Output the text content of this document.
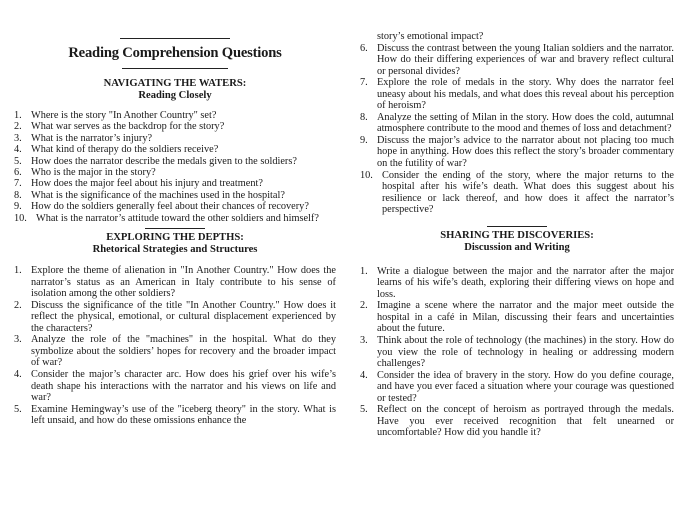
Reading Comprehension Questions
NAVIGATING THE WATERS:
Reading Closely
1. Where is the story "In Another Country" set?
2. What war serves as the backdrop for the story?
3. What is the narrator’s injury?
4. What kind of therapy do the soldiers receive?
5. How does the narrator describe the medals given to the soldiers?
6. Who is the major in the story?
7. How does the major feel about his injury and treatment?
8. What is the significance of the machines used in the hospital?
9. How do the soldiers generally feel about their chances of recovery?
10. What is the narrator’s attitude toward the other soldiers and himself?
EXPLORING THE DEPTHS:
Rhetorical Strategies and Structures
1. Explore the theme of alienation in "In Another Country." How does the narrator’s status as an American in Italy contribute to his sense of isolation among the other soldiers?
2. Discuss the significance of the title "In Another Country." How does it reflect the physical, emotional, or cultural displacement experienced by the characters?
3. Analyze the role of the "machines" in the hospital. What do they symbolize about the soldiers’ hopes for recovery and the broader impact of war?
4. Consider the major’s character arc. How does his grief over his wife’s death shape his interactions with the narrator and his views on life and war?
5. Examine Hemingway’s use of the "iceberg theory" in the story. What is left unsaid, and how do these omissions enhance the
story’s emotional impact?
6. Discuss the contrast between the young Italian soldiers and the narrator. How do their differing experiences of war and bravery reflect cultural or personal divides?
7. Explore the role of medals in the story. Why does the narrator feel uneasy about his medals, and what does this reveal about his perception of heroism?
8. Analyze the setting of Milan in the story. How does the cold, autumnal atmosphere contribute to the mood and themes of loss and detachment?
9. Discuss the major’s advice to the narrator about not placing too much hope in anything. How does this reflect the story’s broader commentary on the futility of war?
10. Consider the ending of the story, where the major returns to the hospital after his wife’s death. What does this suggest about his resilience or lack thereof, and how does it affect the narrator’s perspective?
SHARING THE DISCOVERIES:
Discussion and Writing
1. Write a dialogue between the major and the narrator after the major learns of his wife’s death, exploring their differing views on hope and loss.
2. Imagine a scene where the narrator and the major meet outside the hospital in a café in Milan, discussing their fears and uncertainties about the future.
3. Think about the role of technology (the machines) in the story. How do you view the role of technology in healing or addressing modern challenges?
4. Consider the idea of bravery in the story. How do you define courage, and have you ever faced a situation where your courage was questioned or tested?
5. Reflect on the concept of heroism as portrayed through the medals. Have you ever received recognition that felt unearned or uncomfortable? How did you handle it?
